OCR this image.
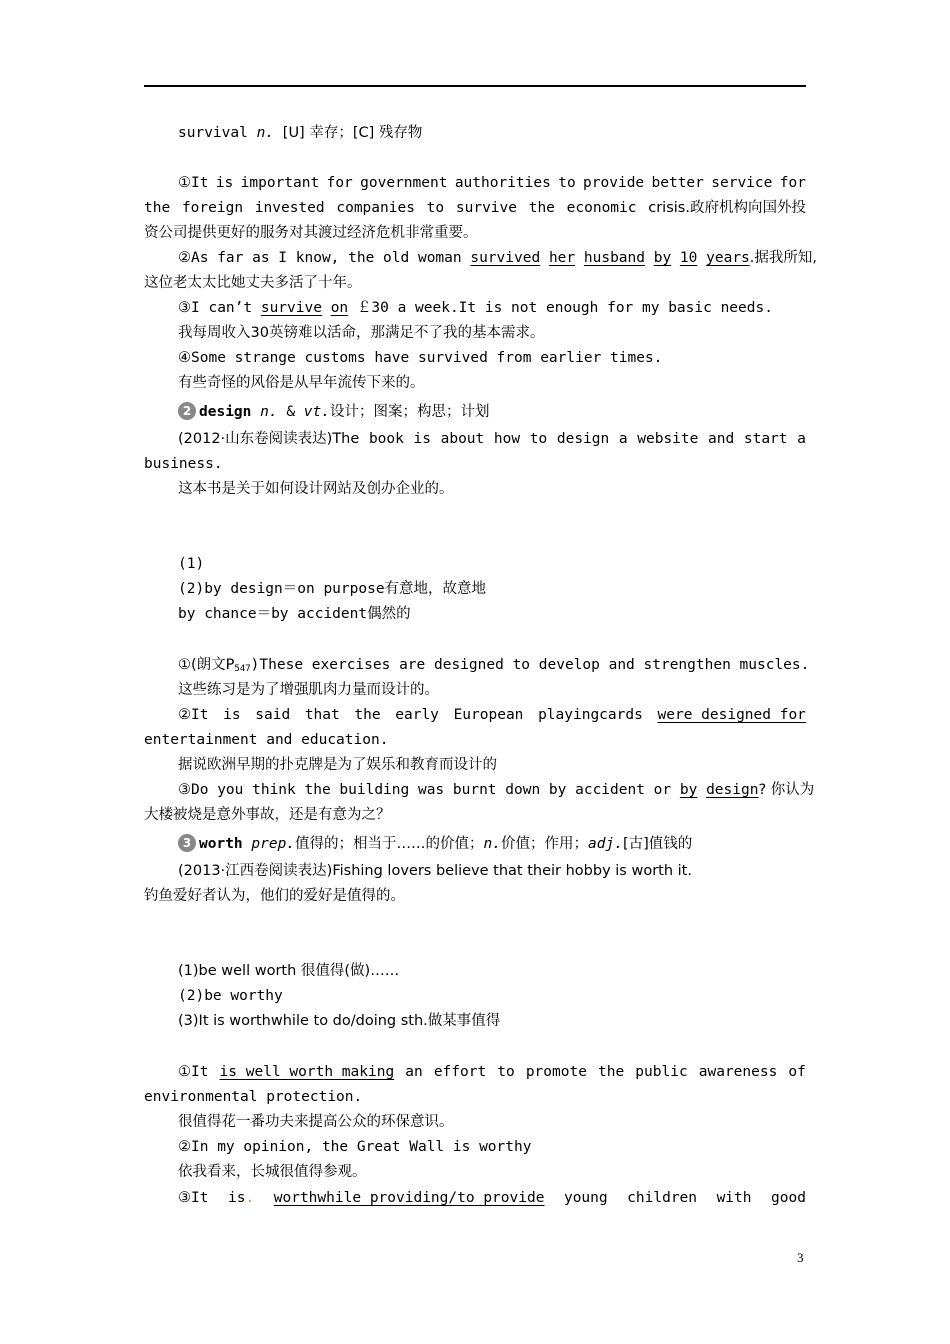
survival n. [U] 幸存；[C] 残存物
①It is important for government authorities to provide better service for
the foreign invested companies to survive the economic crisis.政府机构向国外投
资公司提供更好的服务对其渡过经济危机非常重要。
②As far as I know, the old woman survived her husband by 10 years.据我所知,
这位老太太比她丈夫多活了十年。
③I can’t survive on ￡30 a week.It is not enough for my basic needs.
我每周收入30英镑难以活命，那满足不了我的基本需求。
④Some strange customs have survived from earlier times.
有些奇怪的风俗是从早年流传下来的。
2 design n. & vt.设计；图案；构思；计划
(2012·山东卷阅读表达)The book is about how to design a website and start a
business.
这本书是关于如何设计网站及创办企业的。
(1)
(2)by design＝on purpose有意地，故意地
by chance＝by accident偶然的
①(朗文$P_{547})These$ exercises are designed to develop and strengthen muscles.
这些练习是为了增强肌肉力量而设计的。
②It is said that the early European playingcards were designed for
entertainment and education.
据说欧洲早期的扑克牌是为了娱乐和教育而设计的
③Do you think the building was burnt down by accident or by design? 你认为
大楼被烧是意外事故，还是有意为之？
3 worth prep.值得的；相当于……的价值；n.价值；作用；adj.[古]值钱的
(2013·江西卷阅读表达)Fishing lovers believe that their hobby is worth it.
钓鱼爱好者认为，他们的爱好是值得的。
(1)be well worth 很值得(做)……
(2)be worthy
(3)It is worthwhile to do/doing sth.做某事值得
①It is well worth making an effort to promote the public awareness of
environmental protection.
很值得花一番功夫来提高公众的环保意识。
②In my opinion, the Great Wall is worthy
依我看来，长城很值得参观。
③It is. worthwhile providing/to provide young children with good
3
